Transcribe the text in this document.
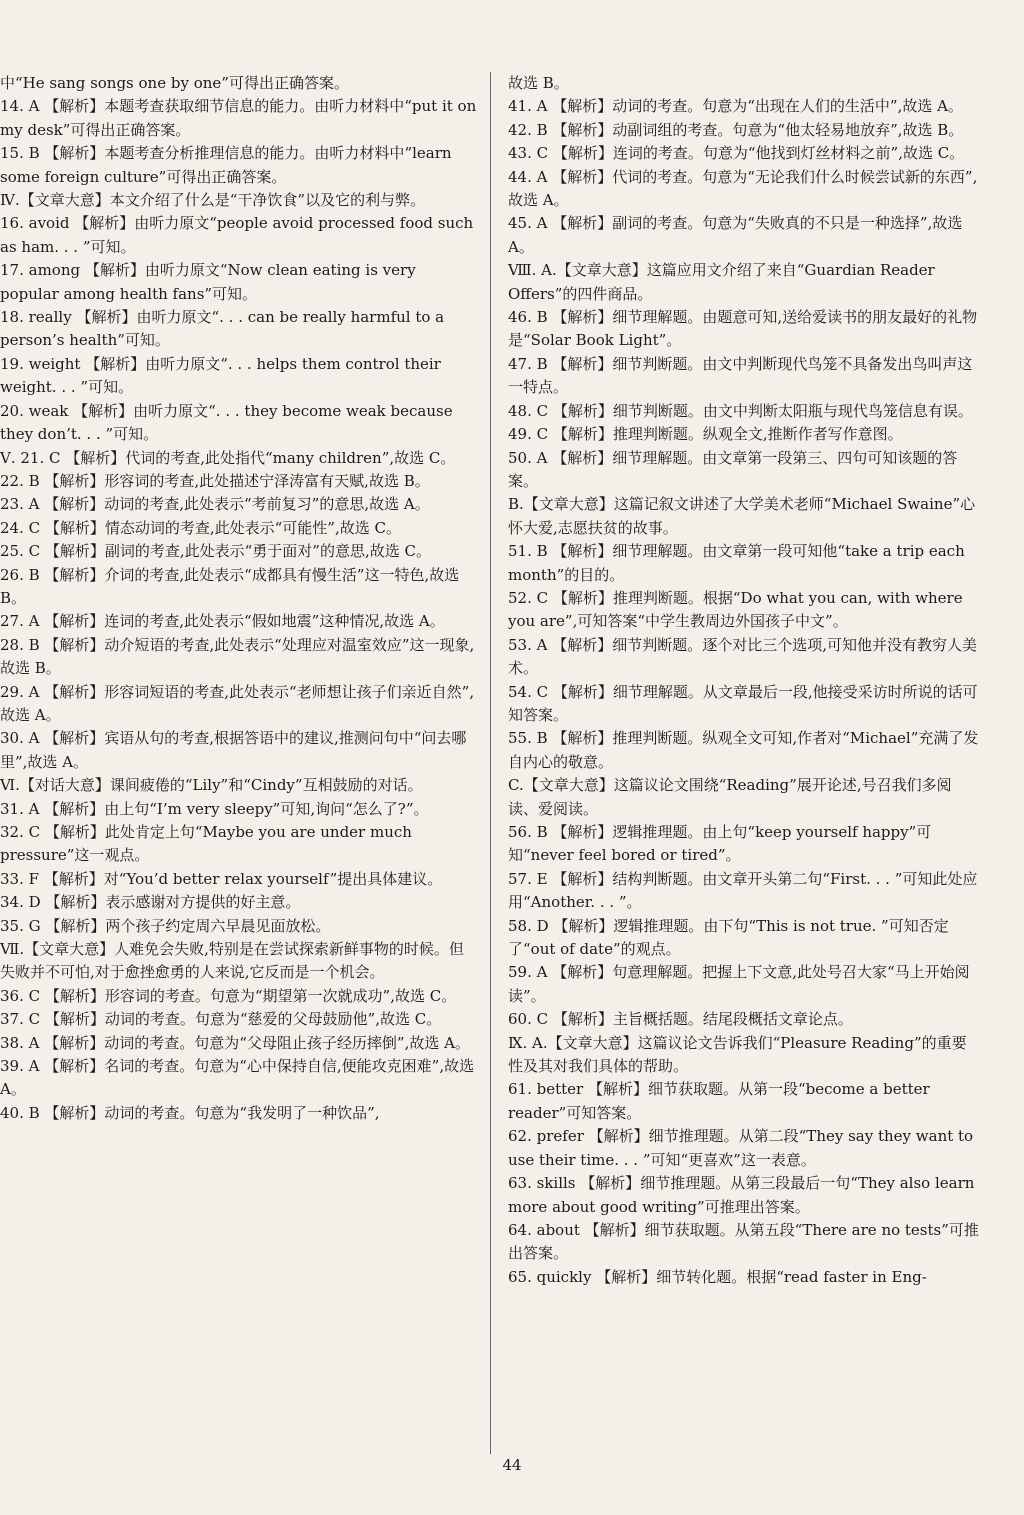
中“He sang songs one by one”可得出正确答案。

14. A 【解析】本题考查获取细节信息的能力。由听力材料中“put it on my desk”可得出正确答案。

15. B 【解析】本题考查分析推理信息的能力。由听力材料中“learn some foreign culture”可得出正确答案。

Ⅳ.【文章大意】本文介绍了什么是“干净饮食”以及它的利与弊。

16. avoid 【解析】由听力原文“people avoid processed food such as ham. . . ”可知。

17. among 【解析】由听力原文“Now clean eating is very popular among health fans”可知。

18. really 【解析】由听力原文“. . . can be really harmful to a person’s health”可知。

19. weight 【解析】由听力原文“. . . helps them control their weight. . . ”可知。

20. weak 【解析】由听力原文“. . . they become weak because they don’t. . . ”可知。

Ⅴ. 21. C 【解析】代词的考查,此处指代“many children”,故选 C。

22. B 【解析】形容词的考查,此处描述宁泽涛富有天赋,故选 B。

23. A 【解析】动词的考查,此处表示“考前复习”的意思,故选 A。

24. C 【解析】情态动词的考查,此处表示“可能性”,故选 C。

25. C 【解析】副词的考查,此处表示“勇于面对”的意思,故选 C。

26. B 【解析】介词的考查,此处表示“成都具有慢生活”这一特色,故选 B。

27. A 【解析】连词的考查,此处表示“假如地震”这种情况,故选 A。

28. B 【解析】动介短语的考查,此处表示“处理应对温室效应”这一现象,故选 B。

29. A 【解析】形容词短语的考查,此处表示“老师想让孩子们亲近自然”,故选 A。

30. A 【解析】宾语从句的考查,根据答语中的建议,推测问句中“问去哪里”,故选 A。

Ⅵ.【对话大意】课间疲倦的“Lily”和“Cindy”互相鼓励的对话。

31. A 【解析】由上句“I’m very sleepy”可知,询问“怎么了?”。

32. C 【解析】此处肯定上句“Maybe you are under much pressure”这一观点。

33. F 【解析】对“You’d better relax yourself”提出具体建议。

34. D 【解析】表示感谢对方提供的好主意。

35. G 【解析】两个孩子约定周六早晨见面放松。

Ⅶ.【文章大意】人难免会失败,特别是在尝试探索新鲜事物的时候。但失败并不可怕,对于愈挫愈勇的人来说,它反而是一个机会。

36. C 【解析】形容词的考查。句意为“期望第一次就成功”,故选 C。

37. C 【解析】动词的考查。句意为“慈爱的父母鼓励他”,故选 C。

38. A 【解析】动词的考查。句意为“父母阻止孩子经历摔倒”,故选 A。

39. A 【解析】名词的考查。句意为“心中保持自信,便能攻克困难”,故选 A。

40. B 【解析】动词的考查。句意为“我发明了一种饮品”,

故选 B。

41. A 【解析】动词的考查。句意为“出现在人们的生活中”,故选 A。

42. B 【解析】动副词组的考查。句意为“他太轻易地放弃”,故选 B。

43. C 【解析】连词的考查。句意为“他找到灯丝材料之前”,故选 C。

44. A 【解析】代词的考查。句意为“无论我们什么时候尝试新的东西”,故选 A。

45. A 【解析】副词的考查。句意为“失败真的不只是一种选择”,故选 A。

Ⅷ. A.【文章大意】这篇应用文介绍了来自“Guardian Reader Offers”的四件商品。

46. B 【解析】细节理解题。由题意可知,送给爱读书的朋友最好的礼物是“Solar Book Light”。

47. B 【解析】细节判断题。由文中判断现代鸟笼不具备发出鸟叫声这一特点。

48. C 【解析】细节判断题。由文中判断太阳瓶与现代鸟笼信息有误。

49. C 【解析】推理判断题。纵观全文,推断作者写作意图。

50. A 【解析】细节理解题。由文章第一段第三、四句可知该题的答案。

B.【文章大意】这篇记叙文讲述了大学美术老师“Michael Swaine”心怀大爱,志愿扶贫的故事。

51. B 【解析】细节理解题。由文章第一段可知他“take a trip each month”的目的。

52. C 【解析】推理判断题。根据“Do what you can, with where you are”,可知答案“中学生教周边外国孩子中文”。

53. A 【解析】细节判断题。逐个对比三个选项,可知他并没有教穷人美术。

54. C 【解析】细节理解题。从文章最后一段,他接受采访时所说的话可知答案。

55. B 【解析】推理判断题。纵观全文可知,作者对“Michael”充满了发自内心的敬意。

C.【文章大意】这篇议论文围绕“Reading”展开论述,号召我们多阅读、爱阅读。

56. B 【解析】逻辑推理题。由上句“keep yourself happy”可知“never feel bored or tired”。

57. E 【解析】结构判断题。由文章开头第二句“First. . . ”可知此处应用“Another. . . ”。

58. D 【解析】逻辑推理题。由下句“This is not true. ”可知否定了“out of date”的观点。

59. A 【解析】句意理解题。把握上下文意,此处号召大家“马上开始阅读”。

60. C 【解析】主旨概括题。结尾段概括文章论点。

Ⅸ. A.【文章大意】这篇议论文告诉我们“Pleasure Reading”的重要性及其对我们具体的帮助。

61. better 【解析】细节获取题。从第一段“become a better reader”可知答案。

62. prefer 【解析】细节推理题。从第二段“They say they want to use their time. . . ”可知“更喜欢”这一表意。

63. skills 【解析】细节推理题。从第三段最后一句“They also learn more about good writing”可推理出答案。

64. about 【解析】细节获取题。从第五段“There are no tests”可推出答案。

65. quickly 【解析】细节转化题。根据“read faster in Eng-

44
